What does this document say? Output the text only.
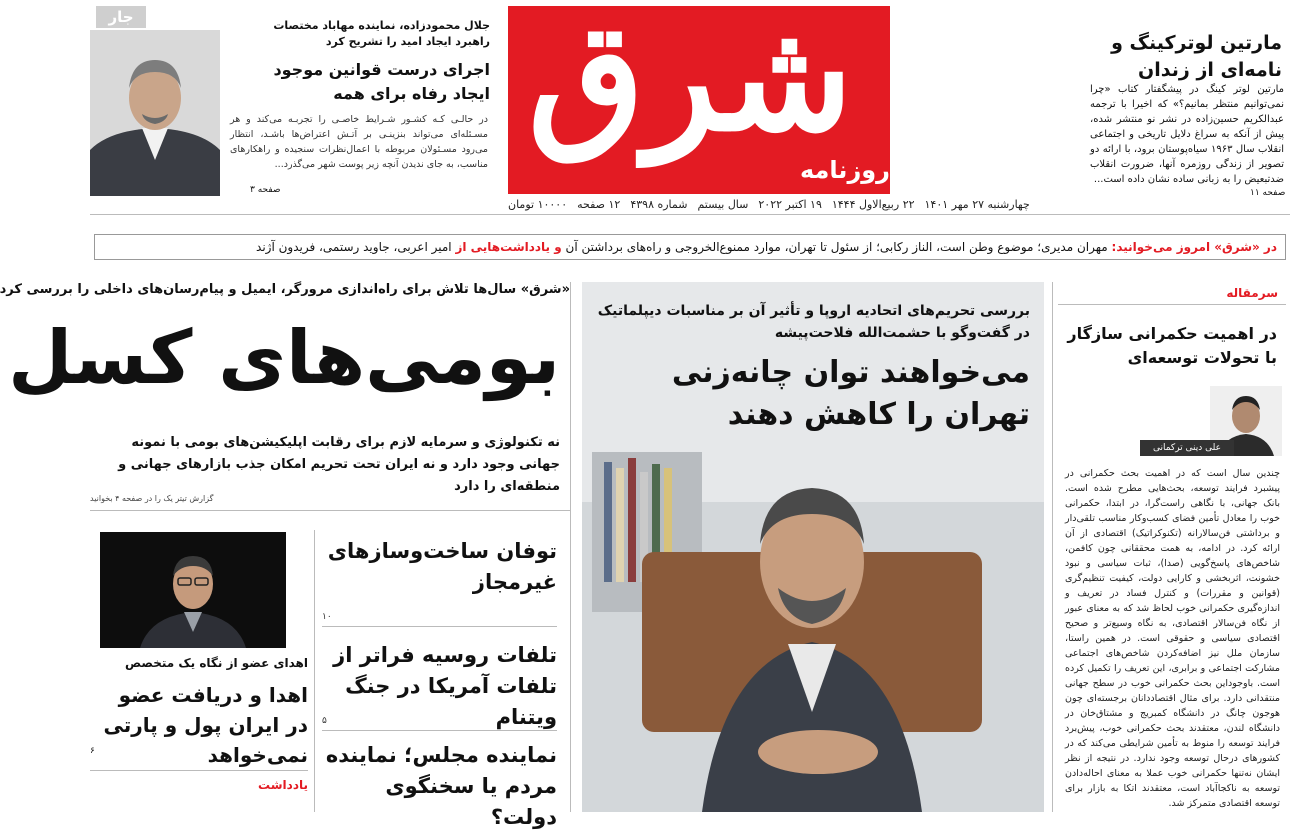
جار	جلال محمودزاده، نماینده مهاباد مختصات راهبرد ایجاد امید را تشریح کرد
اجرای درست قوانین موجود ایجاد رفاه برای همه
در حالـی کـه کشـور شـرایط خاصـی را تجربـه می‌کند و هر مسـئله‌ای می‌تواند بنزینـی بر آتـش اعتراض‌ها باشـد، انتظار می‌رود مسـئولان مربوطه با اعمال‌نظرات سنجیده و راهکارهای مناسب، به جای ندیدن آنچه زیر پوست شهر می‌گذرد...
صفحه ۳
شرق
روزنامه
چهارشنبه ۲۷ مهر ۱۴۰۱
۲۲ ربیع‌الاول ۱۴۴۴
۱۹ اکتبر ۲۰۲۲
سال بیستم
شماره ۴۳۹۸
۱۲ صفحه
۱۰۰۰۰ تومان
مارتین لوترکینگ و نامه‌ای از زندان
مارتین لوتر کینگ در پیشگفتار کتاب «چرا نمی‌توانیم منتظر بمانیم؟» که اخیرا با ترجمه عبدالکریم حسین‌زاده در نشر نو منتشر شده، پیش از آنکه به سراغ دلایل تاریخی و اجتماعی انقلاب سال ۱۹۶۳ سیاه‌پوستان برود، با ارائه دو تصویر از زندگی روزمره آنها، ضرورت انقلاب ضدتبعیض را به زبانی ساده نشان داده است...
صفحه ۱۱
در «شرق» امروز می‌خوانید: مهران مدیری؛ موضوع وطن است، الناز رکابی؛ از سئول تا تهران، موارد ممنوع‌الخروجی و راه‌های برداشتن آن و یادداشت‌هایی از امیر اعربی، جاوید رستمی، فریدون آژند
«شرق» سال‌ها تلاش برای راه‌اندازی مرورگر، ایمیل و پیام‌رسان‌های داخلی را بررسی کرد
بومی‌های کسل
نه تکنولوژی و سرمایه لازم برای رقابت اپلیکیشن‌های بومی با نمونه جهانی وجود دارد و نه ایران تحت تحریم امکان جذب بازارهای جهانی و منطقه‌ای را دارد
گزارش تیتر یک را در صفحه ۴ بخوانید
توفان ساخت‌وسازهای غیرمجاز
۱۰
تلفات روسیه فراتر از تلفات آمریکا در جنگ ویتنام
۵
نماینده مجلس؛ نماینده مردم یا سخنگوی دولت؟
اهدای عضو از نگاه یک متخصص
اهدا و دریافت عضو در ایران پول و پارتی نمی‌خواهد
۶
یادداشت
بررسی تحریم‌های اتحادیه اروپا و تأثیر آن بر مناسبات دیپلماتیک در گفت‌وگو با حشمت‌الله فلاحت‌پیشه
می‌خواهند توان چانه‌زنی تهران را کاهش دهند
سرمقاله
در اهمیت حکمرانی سازگار با تحولات توسعه‌ای
علی دینی ترکمانی
چندین سال است که در اهمیت بحث حکمرانی در پیشبرد فرایند توسعه، بحث‌هایی مطرح شده است. بانک جهانی، با نگاهی راست‌گرا، در ابتدا، حکمرانی خوب را معادل تأمین فضای کسب‌وکار مناسب تلقی‌دار و برداشتی فن‌سالارانه (تکنوکراتیک) اقتصادی از آن ارائه کرد. در ادامه، به همت محققانی چون کافمن، شاخص‌های پاسخ‌گویی (صدا)، ثبات سیاسی و نبود خشونت، اثربخشی و کارایی دولت، کیفیت تنظیم‌گری (قوانین و مقررات) و کنترل فساد در تعریف و اندازه‌گیری حکمرانی خوب لحاظ شد که به معنای عبور از نگاه فن‌سالار اقتصادی، به نگاه وسیع‌تر و صحیح اقتصادی سیاسی و حقوقی است. در همین راستا، سازمان ملل نیز اضافه‌کردن شاخص‌های اجتماعی مشارکت اجتماعی و برابری، این تعریف را تکمیل کرده است. باوجوداین بحث حکمرانی خوب در سطح جهانی منتقدانی دارد. برای مثال اقتصاددانان برجسته‌ای چون هوجون چانگ در دانشگاه کمبریج و مشتاق‌خان در دانشگاه لندن، معتقدند بحث حکمرانی خوب، پیش‌برد فرایند توسعه را منوط به تأمین شرایطی می‌کند که در کشورهای درحال توسعه وجود ندارد. در نتیجه از نظر ایشان نه‌تنها حکمرانی خوب عملا به معنای احاله‌دادن توسعه به ناکجاآباد است، معتقدند اتکا به بازار برای توسعه اقتصادی متمرکز شد.
